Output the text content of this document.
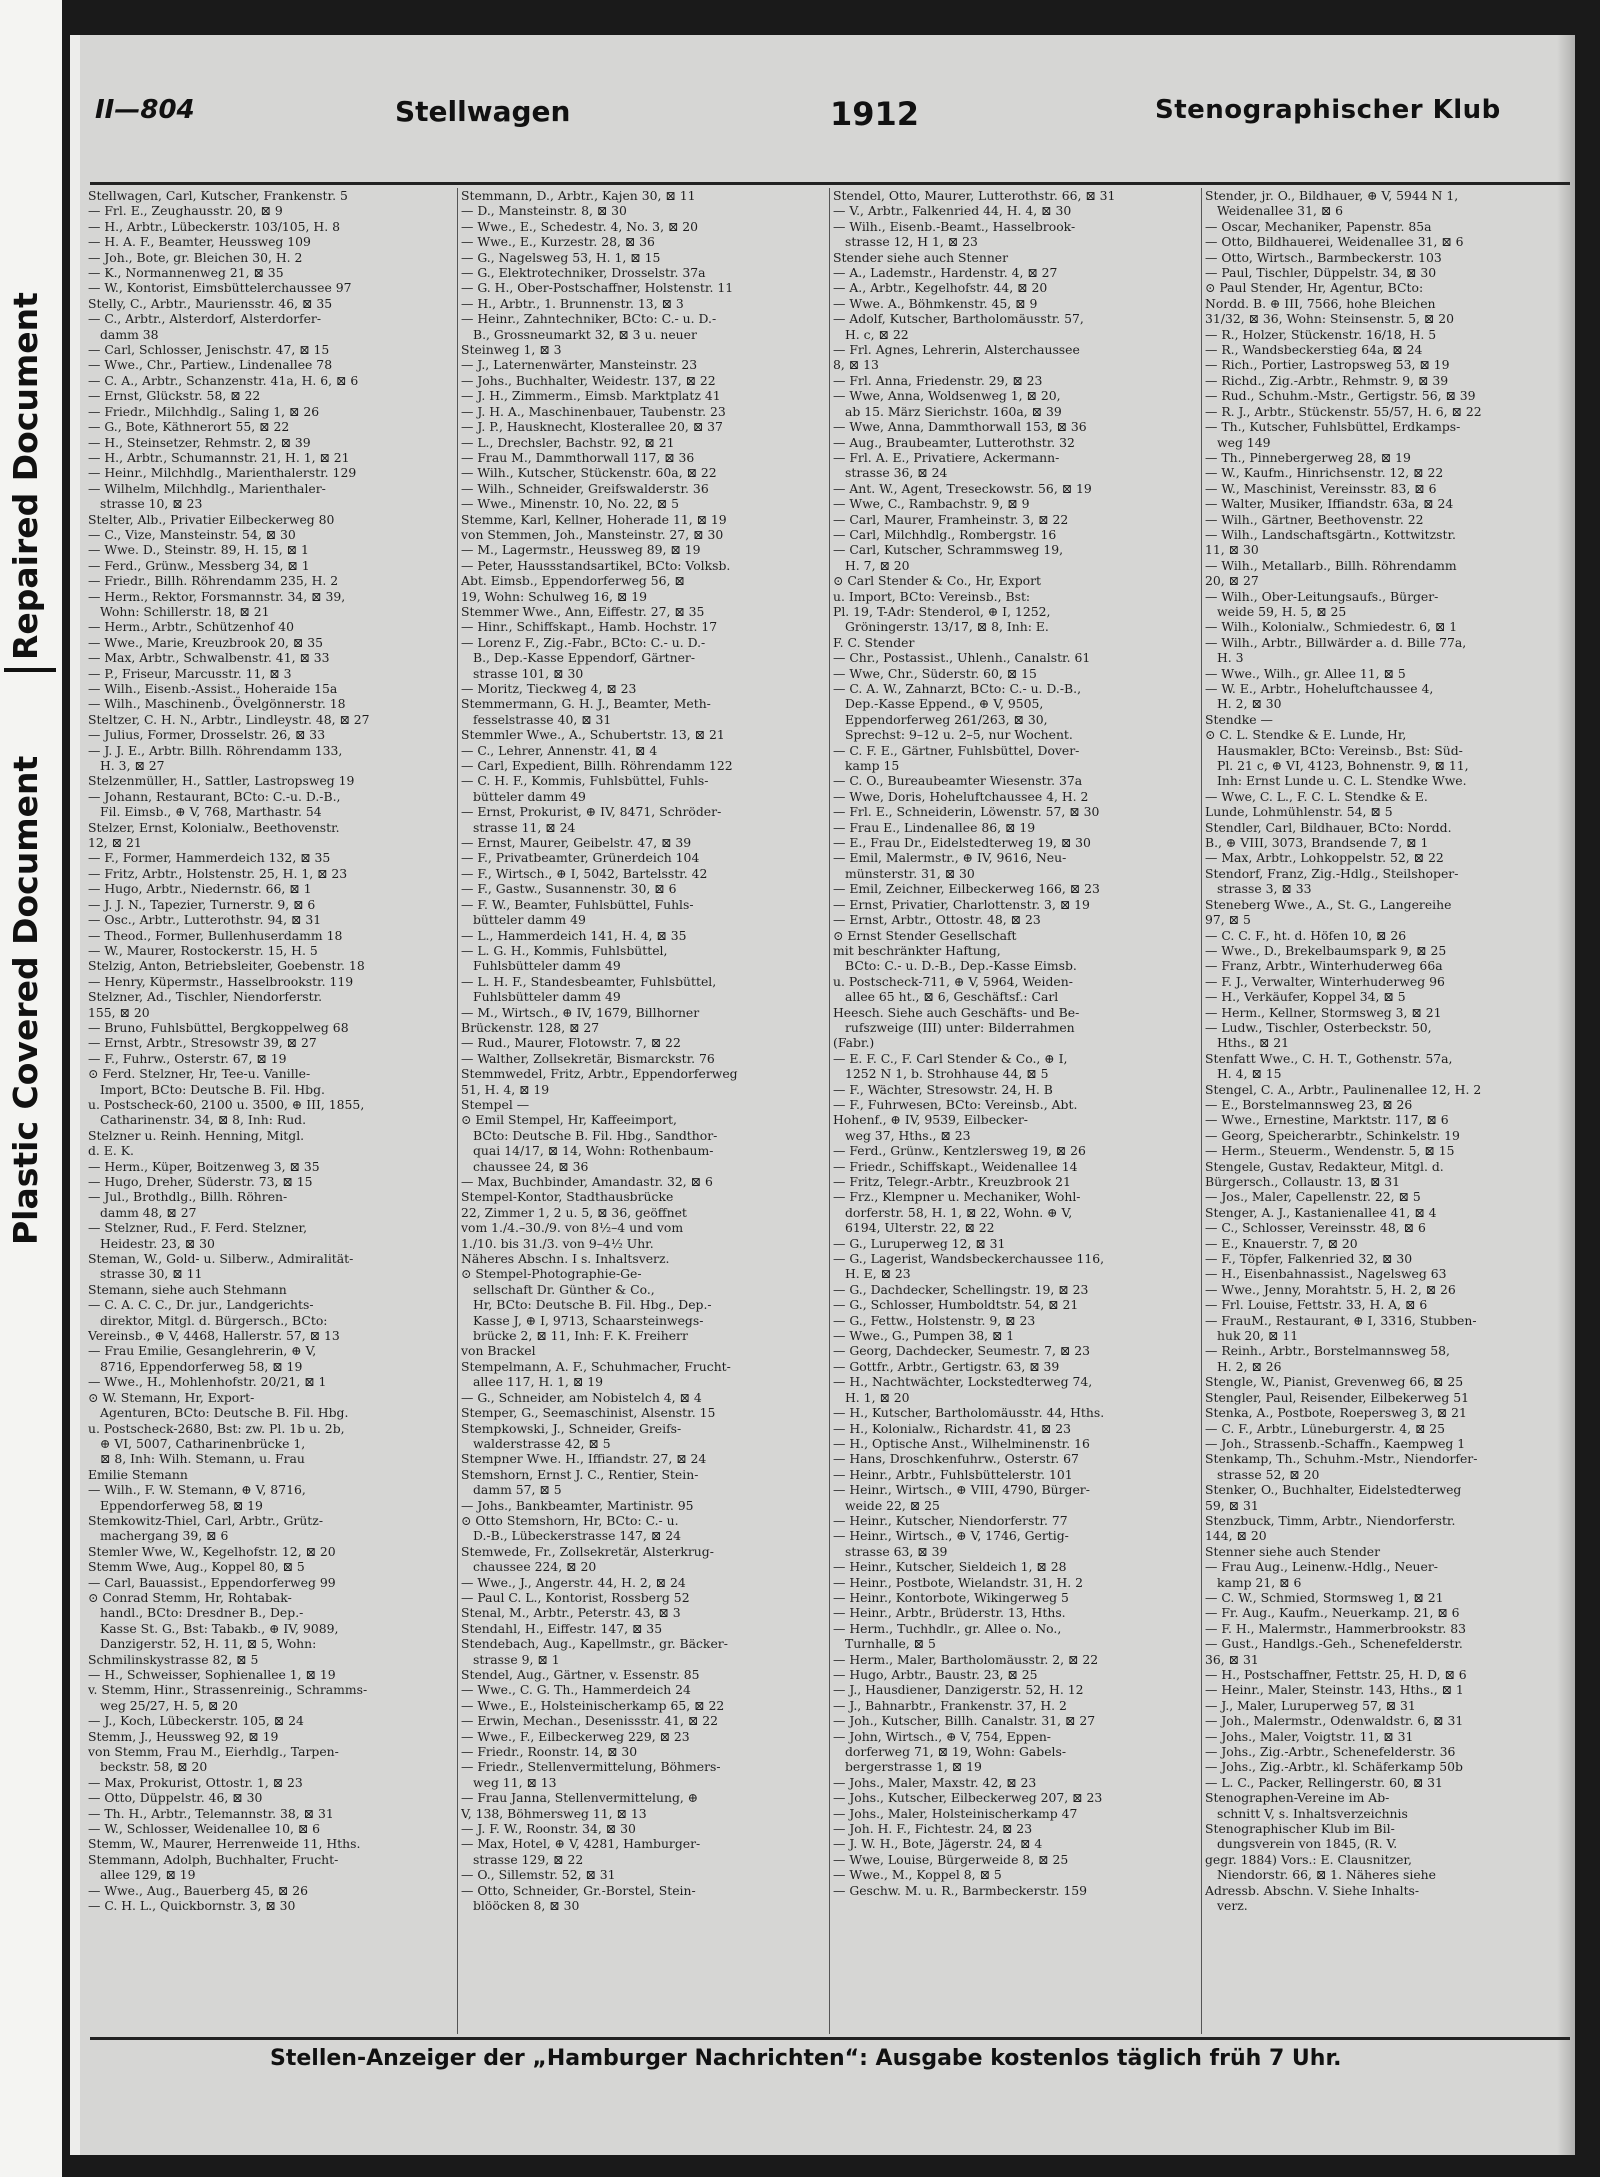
Plastic Covered Document
Repaired Document
II—804	Stellwagen	1912	Stenographischer Klub
Stellwagen, Carl, Kutscher, Frankenstr. 5
— Frl. E., Zeughausstr. 20, ⊠ 9
— H., Arbtr., Lübeckerstr. 103/105, H. 8
— H. A. F., Beamter, Heussweg 109
— Joh., Bote, gr. Bleichen 30, H. 2
— K., Normannenweg 21, ⊠ 35
— W., Kontorist, Eimsbüttelerchaussee 97
Stelly, C., Arbtr., Mauriensstr. 46, ⊠ 35
— C., Arbtr., Alsterdorf, Alsterdorfer-
damm 38
— Carl, Schlosser, Jenischstr. 47, ⊠ 15
— Wwe., Chr., Partiew., Lindenallee 78
— C. A., Arbtr., Schanzenstr. 41a, H. 6, ⊠ 6
— Ernst, Glückstr. 58, ⊠ 22
— Friedr., Milchhdlg., Saling 1, ⊠ 26
— G., Bote, Käthnerort 55, ⊠ 22
— H., Steinsetzer, Rehmstr. 2, ⊠ 39
— H., Arbtr., Schumannstr. 21, H. 1, ⊠ 21
— Heinr., Milchhdlg., Marienthalerstr. 129
— Wilhelm, Milchhdlg., Marienthaler-
strasse 10, ⊠ 23
Stelter, Alb., Privatier Eilbeckerweg 80
— C., Vize, Mansteinstr. 54, ⊠ 30
— Wwe. D., Steinstr. 89, H. 15, ⊠ 1
— Ferd., Grünw., Messberg 34, ⊠ 1
— Friedr., Billh. Röhrendamm 235, H. 2
— Herm., Rektor, Forsmannstr. 34, ⊠ 39,
Wohn: Schillerstr. 18, ⊠ 21
— Herm., Arbtr., Schützenhof 40
— Wwe., Marie, Kreuzbrook 20, ⊠ 35
— Max, Arbtr., Schwalbenstr. 41, ⊠ 33
— P., Friseur, Marcusstr. 11, ⊠ 3
— Wilh., Eisenb.-Assist., Hoheraide 15a
— Wilh., Maschinenb., Övelgönnerstr. 18
Steltzer, C. H. N., Arbtr., Lindleystr. 48, ⊠ 27
— Julius, Former, Drosselstr. 26, ⊠ 33
— J. J. E., Arbtr. Billh. Röhrendamm 133,
H. 3, ⊠ 27
Stelzenmüller, H., Sattler, Lastropsweg 19
— Johann, Restaurant, BCto: C.-u. D.-B.,
Fil. Eimsb., ⊕ V, 768, Marthastr. 54
Stelzer, Ernst, Kolonialw., Beethovenstr.
12, ⊠ 21
— F., Former, Hammerdeich 132, ⊠ 35
— Fritz, Arbtr., Holstenstr. 25, H. 1, ⊠ 23
— Hugo, Arbtr., Niedernstr. 66, ⊠ 1
— J. J. N., Tapezier, Turnerstr. 9, ⊠ 6
— Osc., Arbtr., Lutterothstr. 94, ⊠ 31
— Theod., Former, Bullenhuserdamm 18
— W., Maurer, Rostockerstr. 15, H. 5
Stelzig, Anton, Betriebsleiter, Goebenstr. 18
— Henry, Küpermstr., Hasselbrookstr. 119
Stelzner, Ad., Tischler, Niendorferstr.
155, ⊠ 20
— Bruno, Fuhlsbüttel, Bergkoppelweg 68
— Ernst, Arbtr., Stresowstr 39, ⊠ 27
— F., Fuhrw., Osterstr. 67, ⊠ 19
⊙ Ferd. Stelzner, Hr, Tee-u. Vanille-
Import, BCto: Deutsche B. Fil. Hbg.
u. Postscheck-60, 2100 u. 3500, ⊕ III, 1855,
Catharinenstr. 34, ⊠ 8, Inh: Rud.
Stelzner u. Reinh. Henning, Mitgl.
d. E. K.
— Herm., Küper, Boitzenweg 3, ⊠ 35
— Hugo, Dreher, Süderstr. 73, ⊠ 15
— Jul., Brothdlg., Billh. Röhren-
damm 48, ⊠ 27
— Stelzner, Rud., F. Ferd. Stelzner,
Heidestr. 23, ⊠ 30
Steman, W., Gold- u. Silberw., Admiralität-
strasse 30, ⊠ 11
Stemann, siehe auch Stehmann
— C. A. C. C., Dr. jur., Landgerichts-
direktor, Mitgl. d. Bürgersch., BCto:
Vereinsb., ⊕ V, 4468, Hallerstr. 57, ⊠ 13
— Frau Emilie, Gesanglehrerin, ⊕ V,
8716, Eppendorferweg 58, ⊠ 19
— Wwe., H., Mohlenhofstr. 20/21, ⊠ 1
⊙ W. Stemann, Hr, Export-
Agenturen, BCto: Deutsche B. Fil. Hbg.
u. Postscheck-2680, Bst: zw. Pl. 1b u. 2b,
⊕ VI, 5007, Catharinenbrücke 1,
⊠ 8, Inh: Wilh. Stemann, u. Frau
Emilie Stemann
— Wilh., F. W. Stemann, ⊕ V, 8716,
Eppendorferweg 58, ⊠ 19
Stemkowitz-Thiel, Carl, Arbtr., Grütz-
machergang 39, ⊠ 6
Stemler Wwe, W., Kegelhofstr. 12, ⊠ 20
Stemm Wwe, Aug., Koppel 80, ⊠ 5
— Carl, Bauassist., Eppendorferweg 99
⊙ Conrad Stemm, Hr, Rohtabak-
handl., BCto: Dresdner B., Dep.-
Kasse St. G., Bst: Tabakb., ⊕ IV, 9089,
Danzigerstr. 52, H. 11, ⊠ 5, Wohn:
Schmilinskystrasse 82, ⊠ 5
— H., Schweisser, Sophienallee 1, ⊠ 19
v. Stemm, Hinr., Strassenreinig., Schramms-
weg 25/27, H. 5, ⊠ 20
— J., Koch, Lübeckerstr. 105, ⊠ 24
Stemm, J., Heussweg 92, ⊠ 19
von Stemm, Frau M., Eierhdlg., Tarpen-
beckstr. 58, ⊠ 20
— Max, Prokurist, Ottostr. 1, ⊠ 23
— Otto, Düppelstr. 46, ⊠ 30
— Th. H., Arbtr., Telemannstr. 38, ⊠ 31
— W., Schlosser, Weidenallee 10, ⊠ 6
Stemm, W., Maurer, Herrenweide 11, Hths.
Stemmann, Adolph, Buchhalter, Frucht-
allee 129, ⊠ 19
— Wwe., Aug., Bauerberg 45, ⊠ 26
— C. H. L., Quickbornstr. 3, ⊠ 30
Stemmann, D., Arbtr., Kajen 30, ⊠ 11
— D., Mansteinstr. 8, ⊠ 30
— Wwe., E., Schedestr. 4, No. 3, ⊠ 20
— Wwe., E., Kurzestr. 28, ⊠ 36
— G., Nagelsweg 53, H. 1, ⊠ 15
— G., Elektrotechniker, Drosselstr. 37a
— G. H., Ober-Postschaffner, Holstenstr. 11
— H., Arbtr., 1. Brunnenstr. 13, ⊠ 3
— Heinr., Zahntechniker, BCto: C.- u. D.-
B., Grossneumarkt 32, ⊠ 3 u. neuer
Steinweg 1, ⊠ 3
— J., Laternenwärter, Mansteinstr. 23
— Johs., Buchhalter, Weidestr. 137, ⊠ 22
— J. H., Zimmerm., Eimsb. Marktplatz 41
— J. H. A., Maschinenbauer, Taubenstr. 23
— J. P., Hausknecht, Klosterallee 20, ⊠ 37
— L., Drechsler, Bachstr. 92, ⊠ 21
— Frau M., Dammthorwall 117, ⊠ 36
— Wilh., Kutscher, Stückenstr. 60a, ⊠ 22
— Wilh., Schneider, Greifswalderstr. 36
— Wwe., Minenstr. 10, No. 22, ⊠ 5
Stemme, Karl, Kellner, Hoherade 11, ⊠ 19
von Stemmen, Joh., Mansteinstr. 27, ⊠ 30
— M., Lagermstr., Heussweg 89, ⊠ 19
— Peter, Haussstandsartikel, BCto: Volksb.
Abt. Eimsb., Eppendorferweg 56, ⊠
19, Wohn: Schulweg 16, ⊠ 19
Stemmer Wwe., Ann, Eiffestr. 27, ⊠ 35
— Hinr., Schiffskapt., Hamb. Hochstr. 17
— Lorenz F., Zig.-Fabr., BCto: C.- u. D.-
B., Dep.-Kasse Eppendorf, Gärtner-
strasse 101, ⊠ 30
— Moritz, Tieckweg 4, ⊠ 23
Stemmermann, G. H. J., Beamter, Meth-
fesselstrasse 40, ⊠ 31
Stemmler Wwe., A., Schubertstr. 13, ⊠ 21
— C., Lehrer, Annenstr. 41, ⊠ 4
— Carl, Expedient, Billh. Röhrendamm 122
— C. H. F., Kommis, Fuhlsbüttel, Fuhls-
bütteler damm 49
— Ernst, Prokurist, ⊕ IV, 8471, Schröder-
strasse 11, ⊠ 24
— Ernst, Maurer, Geibelstr. 47, ⊠ 39
— F., Privatbeamter, Grünerdeich 104
— F., Wirtsch., ⊕ I, 5042, Bartelsstr. 42
— F., Gastw., Susannenstr. 30, ⊠ 6
— F. W., Beamter, Fuhlsbüttel, Fuhls-
bütteler damm 49
— L., Hammerdeich 141, H. 4, ⊠ 35
— L. G. H., Kommis, Fuhlsbüttel,
Fuhlsbütteler damm 49
— L. H. F., Standesbeamter, Fuhlsbüttel,
Fuhlsbütteler damm 49
— M., Wirtsch., ⊕ IV, 1679, Billhorner
Brückenstr. 128, ⊠ 27
— Rud., Maurer, Flotowstr. 7, ⊠ 22
— Walther, Zollsekretär, Bismarckstr. 76
Stemmwedel, Fritz, Arbtr., Eppendorferweg
51, H. 4, ⊠ 19
Stempel —
⊙ Emil Stempel, Hr, Kaffeeimport,
BCto: Deutsche B. Fil. Hbg., Sandthor-
quai 14/17, ⊠ 14, Wohn: Rothenbaum-
chaussee 24, ⊠ 36
— Max, Buchbinder, Amandastr. 32, ⊠ 6
Stempel-Kontor, Stadthausbrücke
22, Zimmer 1, 2 u. 5, ⊠ 36, geöffnet
vom 1./4.–30./9. von 8½–4 und vom
1./10. bis 31./3. von 9–4½ Uhr.
Näheres Abschn. I s. Inhaltsverz.
⊙ Stempel-Photographie-Ge-
sellschaft Dr. Günther & Co.,
Hr, BCto: Deutsche B. Fil. Hbg., Dep.-
Kasse J, ⊕ I, 9713, Schaarsteinwegs-
brücke 2, ⊠ 11, Inh: F. K. Freiherr
von Brackel
Stempelmann, A. F., Schuhmacher, Frucht-
allee 117, H. 1, ⊠ 19
— G., Schneider, am Nobistelch 4, ⊠ 4
Stemper, G., Seemaschinist, Alsenstr. 15
Stempkowski, J., Schneider, Greifs-
walderstrasse 42, ⊠ 5
Stempner Wwe. H., Iffiandstr. 27, ⊠ 24
Stemshorn, Ernst J. C., Rentier, Stein-
damm 57, ⊠ 5
— Johs., Bankbeamter, Martinistr. 95
⊙ Otto Stemshorn, Hr, BCto: C.- u.
D.-B., Lübeckerstrasse 147, ⊠ 24
Stemwede, Fr., Zollsekretär, Alsterkrug-
chaussee 224, ⊠ 20
— Wwe., J., Angerstr. 44, H. 2, ⊠ 24
— Paul C. L., Kontorist, Rossberg 52
Stenal, M., Arbtr., Peterstr. 43, ⊠ 3
Stendahl, H., Eiffestr. 147, ⊠ 35
Stendebach, Aug., Kapellmstr., gr. Bäcker-
strasse 9, ⊠ 1
Stendel, Aug., Gärtner, v. Essenstr. 85
— Wwe., C. G. Th., Hammerdeich 24
— Wwe., E., Holsteinischerkamp 65, ⊠ 22
— Erwin, Mechan., Desenissstr. 41, ⊠ 22
— Wwe., F., Eilbeckerweg 229, ⊠ 23
— Friedr., Roonstr. 14, ⊠ 30
— Friedr., Stellenvermittelung, Böhmers-
weg 11, ⊠ 13
— Frau Janna, Stellenvermittelung, ⊕
V, 138, Böhmersweg 11, ⊠ 13
— J. F. W., Roonstr. 34, ⊠ 30
— Max, Hotel, ⊕ V, 4281, Hamburger-
strasse 129, ⊠ 22
— O., Sillemstr. 52, ⊠ 31
— Otto, Schneider, Gr.-Borstel, Stein-
blööcken 8, ⊠ 30
Stendel, Otto, Maurer, Lutterothstr. 66, ⊠ 31
— V., Arbtr., Falkenried 44, H. 4, ⊠ 30
— Wilh., Eisenb.-Beamt., Hasselbrook-
strasse 12, H 1, ⊠ 23
Stender siehe auch Stenner
— A., Lademstr., Hardenstr. 4, ⊠ 27
— A., Arbtr., Kegelhofstr. 44, ⊠ 20
— Wwe. A., Böhmkenstr. 45, ⊠ 9
— Adolf, Kutscher, Bartholomäusstr. 57,
H. c, ⊠ 22
— Frl. Agnes, Lehrerin, Alsterchaussee
8, ⊠ 13
— Frl. Anna, Friedenstr. 29, ⊠ 23
— Wwe, Anna, Woldsenweg 1, ⊠ 20,
ab 15. März Sierichstr. 160a, ⊠ 39
— Wwe, Anna, Dammthorwall 153, ⊠ 36
— Aug., Braubeamter, Lutterothstr. 32
— Frl. A. E., Privatiere, Ackermann-
strasse 36, ⊠ 24
— Ant. W., Agent, Treseckowstr. 56, ⊠ 19
— Wwe, C., Rambachstr. 9, ⊠ 9
— Carl, Maurer, Framheinstr. 3, ⊠ 22
— Carl, Milchhdlg., Rombergstr. 16
— Carl, Kutscher, Schrammsweg 19,
H. 7, ⊠ 20
⊙ Carl Stender & Co., Hr, Export
u. Import, BCto: Vereinsb., Bst:
Pl. 19, T-Adr: Stenderol, ⊕ I, 1252,
Gröningerstr. 13/17, ⊠ 8, Inh: E.
F. C. Stender
— Chr., Postassist., Uhlenh., Canalstr. 61
— Wwe, Chr., Süderstr. 60, ⊠ 15
— C. A. W., Zahnarzt, BCto: C.- u. D.-B.,
Dep.-Kasse Eppend., ⊕ V, 9505,
Eppendorferweg 261/263, ⊠ 30,
Sprechst: 9–12 u. 2–5, nur Wochent.
— C. F. E., Gärtner, Fuhlsbüttel, Dover-
kamp 15
— C. O., Bureaubeamter Wiesenstr. 37a
— Wwe, Doris, Hoheluftchaussee 4, H. 2
— Frl. E., Schneiderin, Löwenstr. 57, ⊠ 30
— Frau E., Lindenallee 86, ⊠ 19
— E., Frau Dr., Eidelstedterweg 19, ⊠ 30
— Emil, Malermstr., ⊕ IV, 9616, Neu-
münsterstr. 31, ⊠ 30
— Emil, Zeichner, Eilbeckerweg 166, ⊠ 23
— Ernst, Privatier, Charlottenstr. 3, ⊠ 19
— Ernst, Arbtr., Ottostr. 48, ⊠ 23
⊙ Ernst Stender Gesellschaft
mit beschränkter Haftung,
BCto: C.- u. D.-B., Dep.-Kasse Eimsb.
u. Postscheck-711, ⊕ V, 5964, Weiden-
allee 65 ht., ⊠ 6, Geschäftsf.: Carl
Heesch. Siehe auch Geschäfts- und Be-
rufszweige (III) unter: Bilderrahmen
(Fabr.)
— E. F. C., F. Carl Stender & Co., ⊕ I,
1252 N 1, b. Strohhause 44, ⊠ 5
— F., Wächter, Stresowstr. 24, H. B
— F., Fuhrwesen, BCto: Vereinsb., Abt.
Hohenf., ⊕ IV, 9539, Eilbecker-
weg 37, Hths., ⊠ 23
— Ferd., Grünw., Kentzlersweg 19, ⊠ 26
— Friedr., Schiffskapt., Weidenallee 14
— Fritz, Telegr.-Arbtr., Kreuzbrook 21
— Frz., Klempner u. Mechaniker, Wohl-
dorferstr. 58, H. 1, ⊠ 22, Wohn. ⊕ V,
6194, Ulterstr. 22, ⊠ 22
— G., Luruperweg 12, ⊠ 31
— G., Lagerist, Wandsbeckerchaussee 116,
H. E, ⊠ 23
— G., Dachdecker, Schellingstr. 19, ⊠ 23
— G., Schlosser, Humboldtstr. 54, ⊠ 21
— G., Fettw., Holstenstr. 9, ⊠ 23
— Wwe., G., Pumpen 38, ⊠ 1
— Georg, Dachdecker, Seumestr. 7, ⊠ 23
— Gottfr., Arbtr., Gertigstr. 63, ⊠ 39
— H., Nachtwächter, Lockstedterweg 74,
H. 1, ⊠ 20
— H., Kutscher, Bartholomäusstr. 44, Hths.
— H., Kolonialw., Richardstr. 41, ⊠ 23
— H., Optische Anst., Wilhelminenstr. 16
— Hans, Droschkenfuhrw., Osterstr. 67
— Heinr., Arbtr., Fuhlsbüttelerstr. 101
— Heinr., Wirtsch., ⊕ VIII, 4790, Bürger-
weide 22, ⊠ 25
— Heinr., Kutscher, Niendorferstr. 77
— Heinr., Wirtsch., ⊕ V, 1746, Gertig-
strasse 63, ⊠ 39
— Heinr., Kutscher, Sieldeich 1, ⊠ 28
— Heinr., Postbote, Wielandstr. 31, H. 2
— Heinr., Kontorbote, Wikingerweg 5
— Heinr., Arbtr., Brüderstr. 13, Hths.
— Herm., Tuchhdlr., gr. Allee o. No.,
Turnhalle, ⊠ 5
— Herm., Maler, Bartholomäusstr. 2, ⊠ 22
— Hugo, Arbtr., Baustr. 23, ⊠ 25
— J., Hausdiener, Danzigerstr. 52, H. 12
— J., Bahnarbtr., Frankenstr. 37, H. 2
— Joh., Kutscher, Billh. Canalstr. 31, ⊠ 27
— John, Wirtsch., ⊕ V, 754, Eppen-
dorferweg 71, ⊠ 19, Wohn: Gabels-
bergerstrasse 1, ⊠ 19
— Johs., Maler, Maxstr. 42, ⊠ 23
— Johs., Kutscher, Eilbeckerweg 207, ⊠ 23
— Johs., Maler, Holsteinischerkamp 47
— Joh. H. F., Fichtestr. 24, ⊠ 23
— J. W. H., Bote, Jägerstr. 24, ⊠ 4
— Wwe, Louise, Bürgerweide 8, ⊠ 25
— Wwe., M., Koppel 8, ⊠ 5
— Geschw. M. u. R., Barmbeckerstr. 159
Stender, jr. O., Bildhauer, ⊕ V, 5944 N 1,
Weidenallee 31, ⊠ 6
— Oscar, Mechaniker, Papenstr. 85a
— Otto, Bildhauerei, Weidenallee 31, ⊠ 6
— Otto, Wirtsch., Barmbeckerstr. 103
— Paul, Tischler, Düppelstr. 34, ⊠ 30
⊙ Paul Stender, Hr, Agentur, BCto:
Nordd. B. ⊕ III, 7566, hohe Bleichen
31/32, ⊠ 36, Wohn: Steinsenstr. 5, ⊠ 20
— R., Holzer, Stückenstr. 16/18, H. 5
— R., Wandsbeckerstieg 64a, ⊠ 24
— Rich., Portier, Lastropsweg 53, ⊠ 19
— Richd., Zig.-Arbtr., Rehmstr. 9, ⊠ 39
— Rud., Schuhm.-Mstr., Gertigstr. 56, ⊠ 39
— R. J., Arbtr., Stückenstr. 55/57, H. 6, ⊠ 22
— Th., Kutscher, Fuhlsbüttel, Erdkamps-
weg 149
— Th., Pinnebergerweg 28, ⊠ 19
— W., Kaufm., Hinrichsenstr. 12, ⊠ 22
— W., Maschinist, Vereinsstr. 83, ⊠ 6
— Walter, Musiker, Iffiandstr. 63a, ⊠ 24
— Wilh., Gärtner, Beethovenstr. 22
— Wilh., Landschaftsgärtn., Kottwitzstr.
11, ⊠ 30
— Wilh., Metallarb., Billh. Röhrendamm
20, ⊠ 27
— Wilh., Ober-Leitungsaufs., Bürger-
weide 59, H. 5, ⊠ 25
— Wilh., Kolonialw., Schmiedestr. 6, ⊠ 1
— Wilh., Arbtr., Billwärder a. d. Bille 77a,
H. 3
— Wwe., Wilh., gr. Allee 11, ⊠ 5
— W. E., Arbtr., Hoheluftchaussee 4,
H. 2, ⊠ 30
Stendke —
⊙ C. L. Stendke & E. Lunde, Hr,
Hausmakler, BCto: Vereinsb., Bst: Süd-
Pl. 21 c, ⊕ VI, 4123, Bohnenstr. 9, ⊠ 11,
Inh: Ernst Lunde u. C. L. Stendke Wwe.
— Wwe, C. L., F. C. L. Stendke & E.
Lunde, Lohmühlenstr. 54, ⊠ 5
Stendler, Carl, Bildhauer, BCto: Nordd.
B., ⊕ VIII, 3073, Brandsende 7, ⊠ 1
— Max, Arbtr., Lohkoppelstr. 52, ⊠ 22
Stendorf, Franz, Zig.-Hdlg., Steilshoper-
strasse 3, ⊠ 33
Steneberg Wwe., A., St. G., Langereihe
97, ⊠ 5
— C. C. F., ht. d. Höfen 10, ⊠ 26
— Wwe., D., Brekelbaumspark 9, ⊠ 25
— Franz, Arbtr., Winterhuderweg 66a
— F. J., Verwalter, Winterhuderweg 96
— H., Verkäufer, Koppel 34, ⊠ 5
— Herm., Kellner, Stormsweg 3, ⊠ 21
— Ludw., Tischler, Osterbeckstr. 50,
Hths., ⊠ 21
Stenfatt Wwe., C. H. T., Gothenstr. 57a,
H. 4, ⊠ 15
Stengel, C. A., Arbtr., Paulinenallee 12, H. 2
— E., Borstelmannsweg 23, ⊠ 26
— Wwe., Ernestine, Marktstr. 117, ⊠ 6
— Georg, Speicherarbtr., Schinkelstr. 19
— Herm., Steuerm., Wendenstr. 5, ⊠ 15
Stengele, Gustav, Redakteur, Mitgl. d.
Bürgersch., Collaustr. 13, ⊠ 31
— Jos., Maler, Capellenstr. 22, ⊠ 5
Stenger, A. J., Kastanienallee 41, ⊠ 4
— C., Schlosser, Vereinsstr. 48, ⊠ 6
— E., Knauerstr. 7, ⊠ 20
— F., Töpfer, Falkenried 32, ⊠ 30
— H., Eisenbahnassist., Nagelsweg 63
— Wwe., Jenny, Morahtstr. 5, H. 2, ⊠ 26
— Frl. Louise, Fettstr. 33, H. A, ⊠ 6
— FrauM., Restaurant, ⊕ I, 3316, Stubben-
huk 20, ⊠ 11
— Reinh., Arbtr., Borstelmannsweg 58,
H. 2, ⊠ 26
Stengle, W., Pianist, Grevenweg 66, ⊠ 25
Stengler, Paul, Reisender, Eilbekerweg 51
Stenka, A., Postbote, Roepersweg 3, ⊠ 21
— C. F., Arbtr., Lüneburgerstr. 4, ⊠ 25
— Joh., Strassenb.-Schaffn., Kaempweg 1
Stenkamp, Th., Schuhm.-Mstr., Niendorfer-
strasse 52, ⊠ 20
Stenker, O., Buchhalter, Eidelstedterweg
59, ⊠ 31
Stenzbuck, Timm, Arbtr., Niendorferstr.
144, ⊠ 20
Stenner siehe auch Stender
— Frau Aug., Leinenw.-Hdlg., Neuer-
kamp 21, ⊠ 6
— C. W., Schmied, Stormsweg 1, ⊠ 21
— Fr. Aug., Kaufm., Neuerkamp. 21, ⊠ 6
— F. H., Malermstr., Hammerbrookstr. 83
— Gust., Handlgs.-Geh., Schenefelderstr.
36, ⊠ 31
— H., Postschaffner, Fettstr. 25, H. D, ⊠ 6
— Heinr., Maler, Steinstr. 143, Hths., ⊠ 1
— J., Maler, Luruperweg 57, ⊠ 31
— Joh., Malermstr., Odenwaldstr. 6, ⊠ 31
— Johs., Maler, Voigtstr. 11, ⊠ 31
— Johs., Zig.-Arbtr., Schenefelderstr. 36
— Johs., Zig.-Arbtr., kl. Schäferkamp 50b
— L. C., Packer, Rellingerstr. 60, ⊠ 31
Stenographen-Vereine im Ab-
schnitt V, s. Inhaltsverzeichnis
Stenographischer Klub im Bil-
dungsverein von 1845, (R. V.
gegr. 1884) Vors.: E. Clausnitzer,
Niendorstr. 66, ⊠ 1. Näheres siehe
Adressb. Abschn. V. Siehe Inhalts-
verz.
Stellen-Anzeiger der „Hamburger Nachrichten“: Ausgabe kostenlos täglich früh 7 Uhr.
